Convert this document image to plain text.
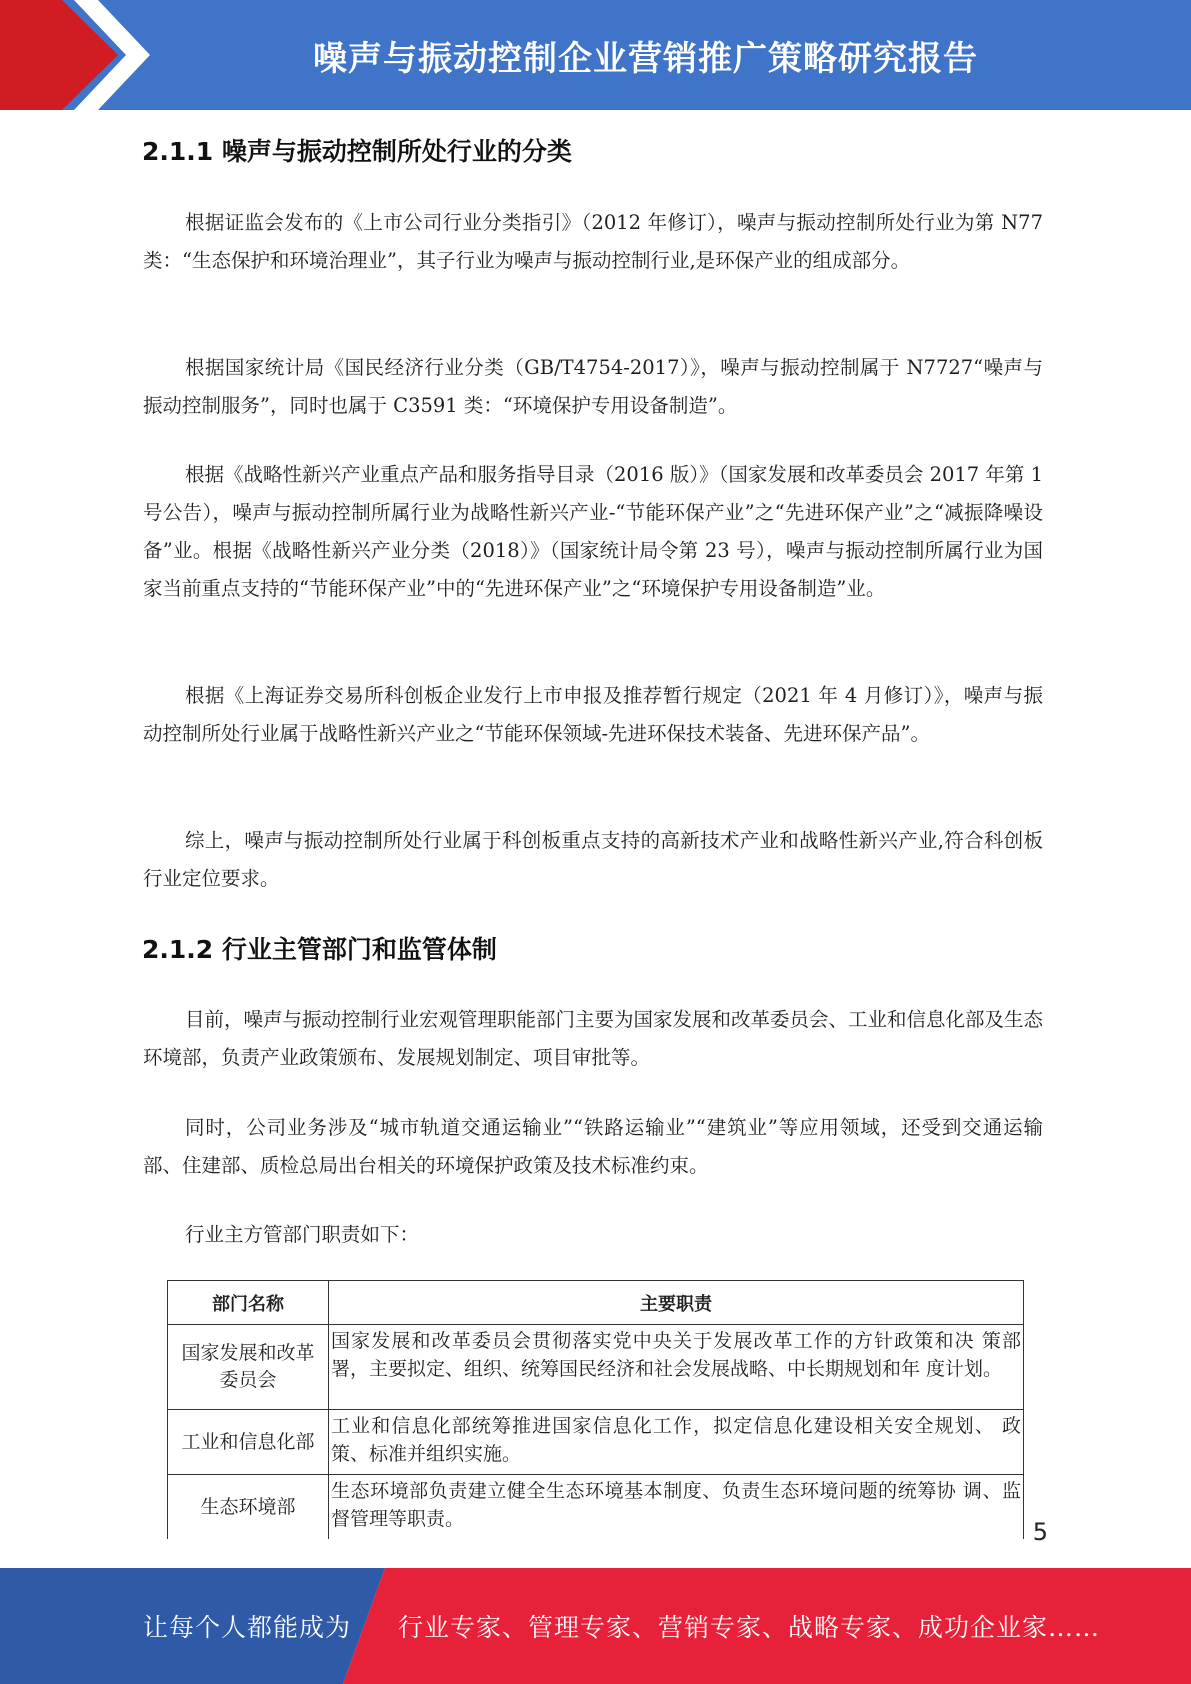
噪声与振动控制企业营销推广策略研究报告
2.1.1 噪声与振动控制所处行业的分类
根据证监会发布的《上市公司行业分类指引》（2012 年修订），噪声与振动控制所处行业为第 N77 类：“生态保护和环境治理业”，其子行业为噪声与振动控制行业,是环保产业的组成部分。
根据国家统计局《国民经济行业分类（GB/T4754-2017）》，噪声与振动控制属于 N7727“噪声与振动控制服务”，同时也属于 C3591 类：“环境保护专用设备制造”。
根据《战略性新兴产业重点产品和服务指导目录（2016 版）》（国家发展和改革委员会 2017 年第 1 号公告），噪声与振动控制所属行业为战略性新兴产业-“节能环保产业”之“先进环保产业”之“减振降噪设备”业。根据《战略性新兴产业分类（2018）》（国家统计局令第 23 号），噪声与振动控制所属行业为国家当前重点支持的“节能环保产业”中的“先进环保产业”之“环境保护专用设备制造”业。
根据《上海证券交易所科创板企业发行上市申报及推荐暂行规定（2021 年 4 月修订）》，噪声与振动控制所处行业属于战略性新兴产业之“节能环保领域-先进环保技术装备、先进环保产品”。
综上，噪声与振动控制所处行业属于科创板重点支持的高新技术产业和战略性新兴产业,符合科创板行业定位要求。
2.1.2 行业主管部门和监管体制
目前，噪声与振动控制行业宏观管理职能部门主要为国家发展和改革委员会、工业和信息化部及生态环境部，负责产业政策颁布、发展规划制定、项目审批等。
同时，公司业务涉及“城市轨道交通运输业”“铁路运输业”“建筑业”等应用领域，还受到交通运输部、住建部、质检总局出台相关的环境保护政策及技术标准约束。
行业主方管部门职责如下：
部门名称	主要职责
国家发展和改革委员会	国家发展和改革委员会贯彻落实党中央关于发展改革工作的方针政策和决 策部署，主要拟定、组织、统筹国民经济和社会发展战略、中长期规划和年 度计划。
工业和信息化部	工业和信息化部统筹推进国家信息化工作，拟定信息化建设相关安全规划、 政策、标准并组织实施。
生态环境部	生态环境部负责建立健全生态环境基本制度、负责生态环境问题的统筹协 调、监督管理等职责。	5
让每个人都能成为 行业专家、管理专家、营销专家、战略专家、成功企业家……
